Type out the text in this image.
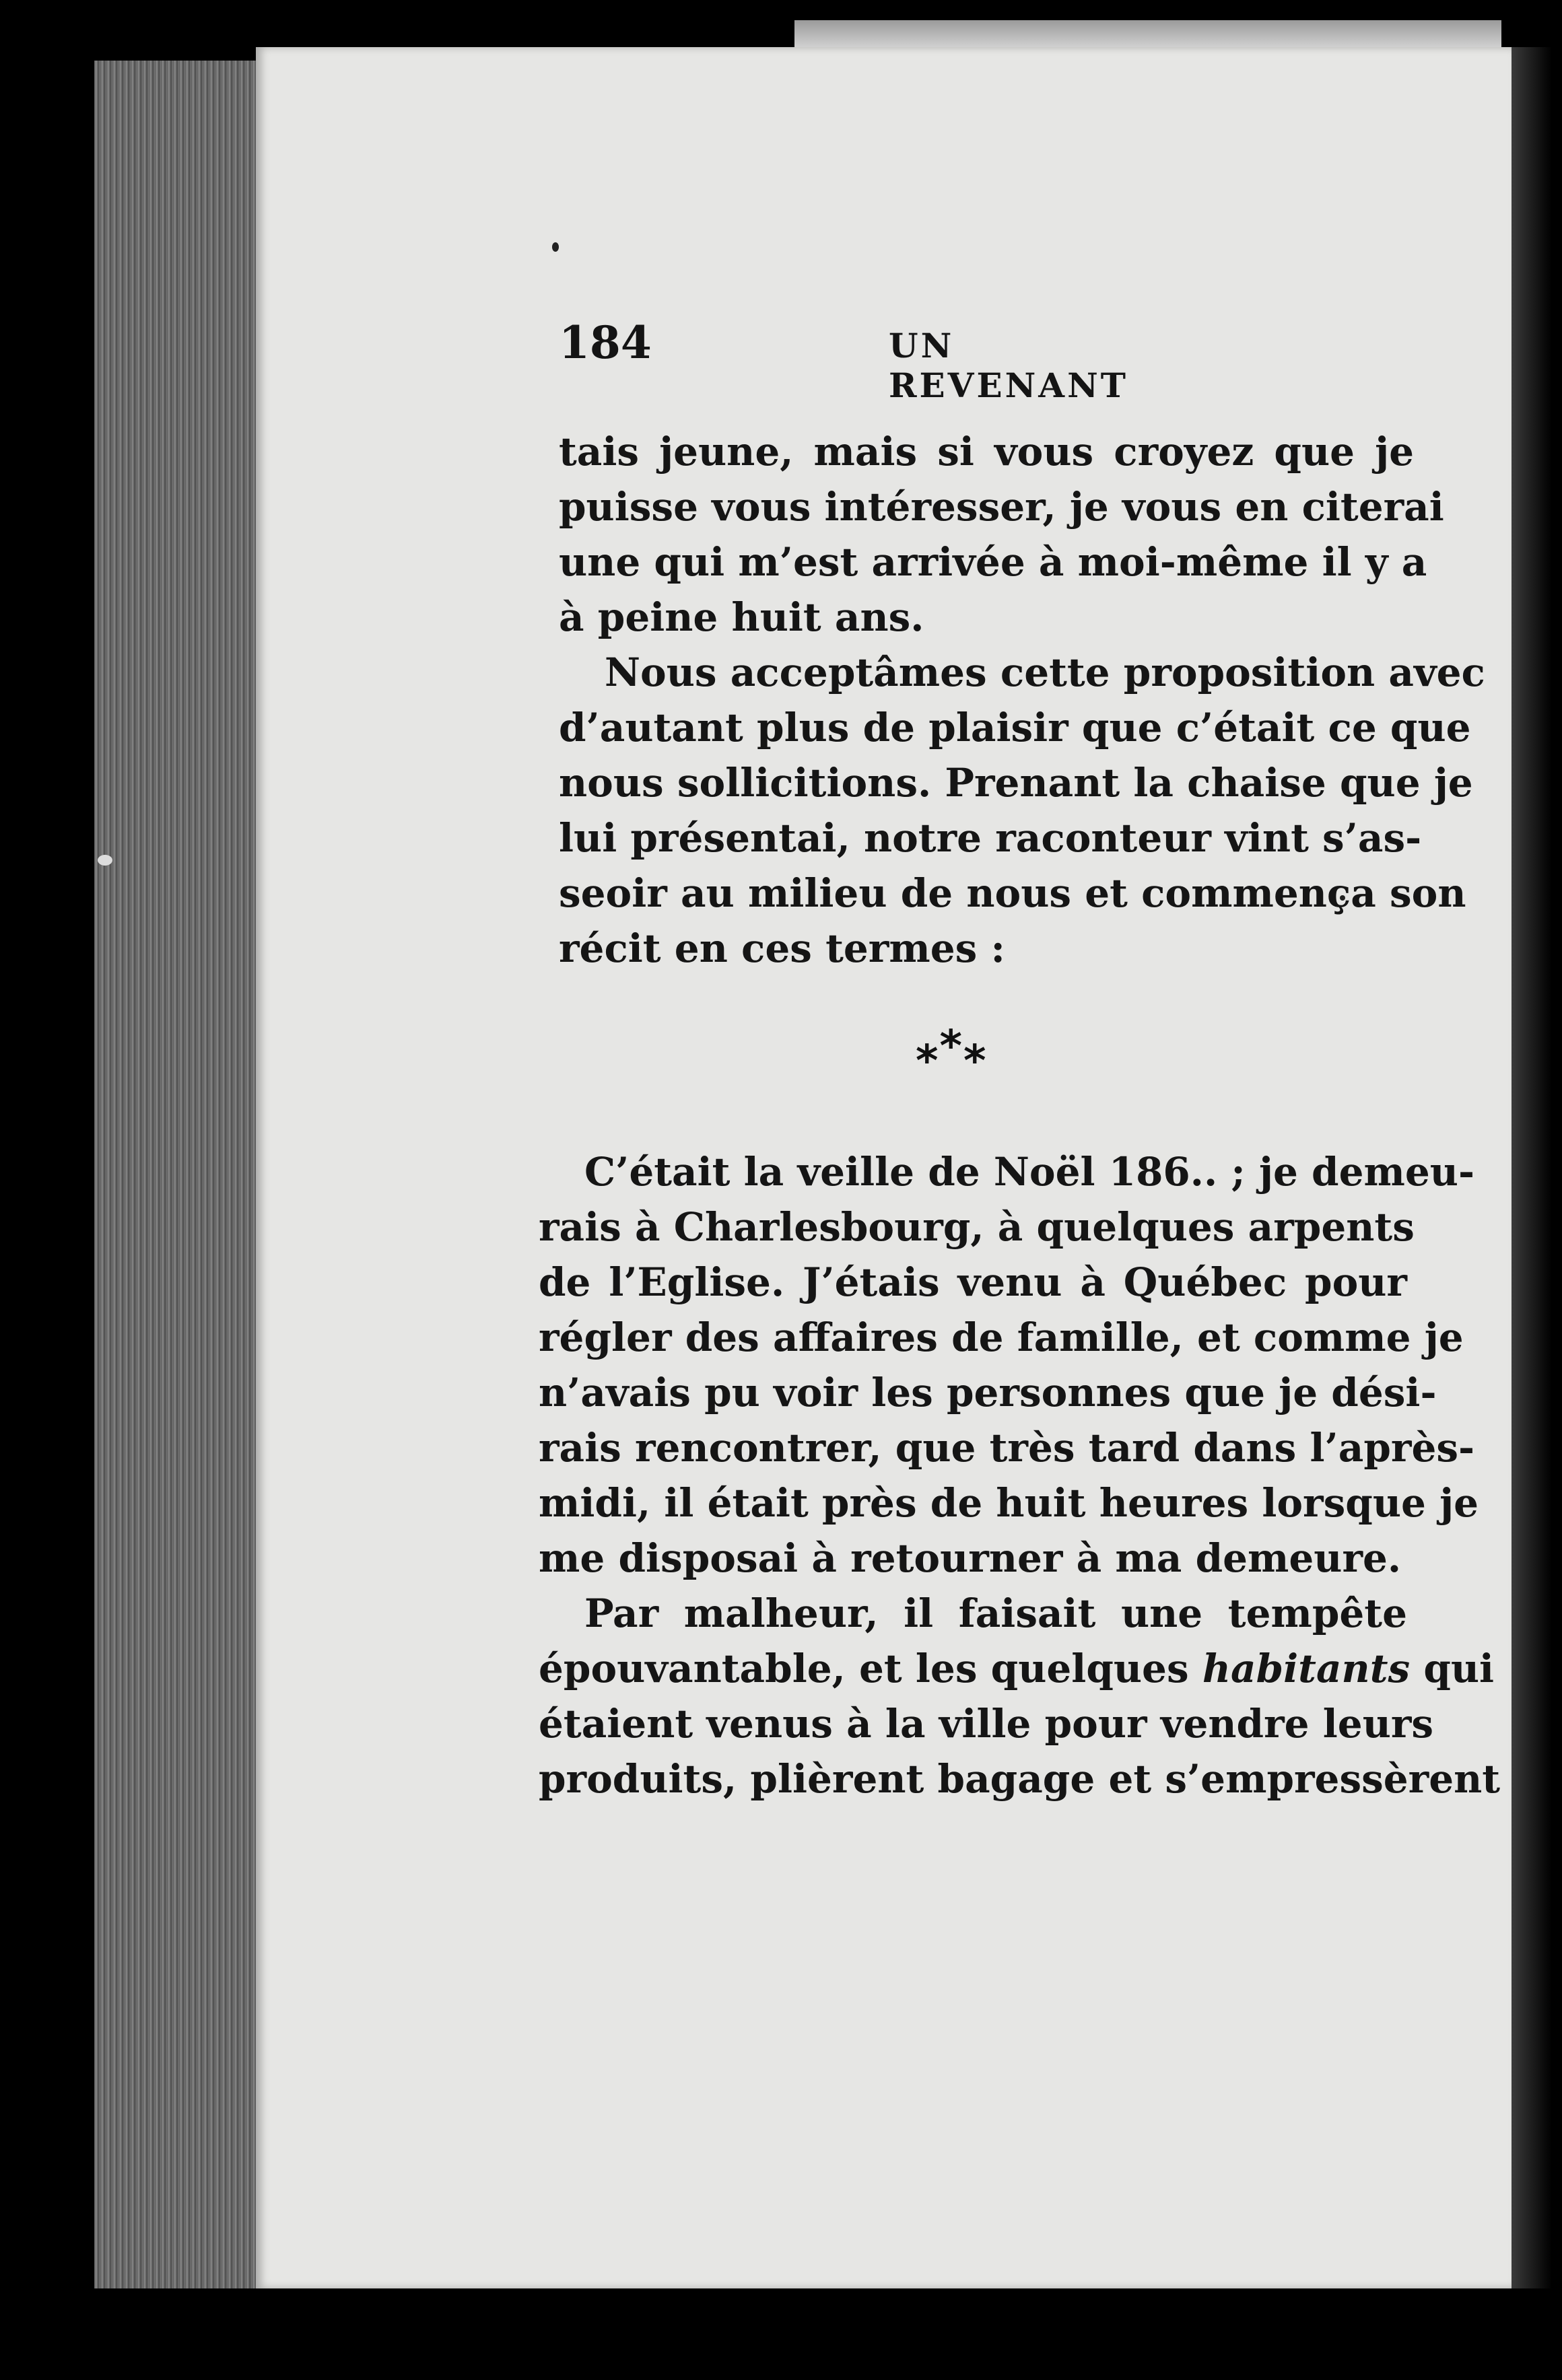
184	UN REVENANT
tais jeune, mais si vous croyez que je
puisse vous intéresser, je vous en citerai
une qui m’est arrivée à moi-même il y a
à peine huit ans.
Nous acceptâmes cette proposition avec
d’autant plus de plaisir que c’était ce que
nous sollicitions. Prenant la chaise que je
lui présentai, notre raconteur vint s’as-
seoir au milieu de nous et commença son
récit en ces termes :
***
C’était la veille de Noël 186.. ; je demeu-
rais à Charlesbourg, à quelques arpents
de l’Eglise. J’étais venu à Québec pour
régler des affaires de famille, et comme je
n’avais pu voir les personnes que je dési-
rais rencontrer, que très tard dans l’après-
midi, il était près de huit heures lorsque je
me disposai à retourner à ma demeure.
Par malheur, il faisait une tempête
épouvantable, et les quelques habitants qui
étaient venus à la ville pour vendre leurs
produits, plièrent bagage et s’empressèrent
